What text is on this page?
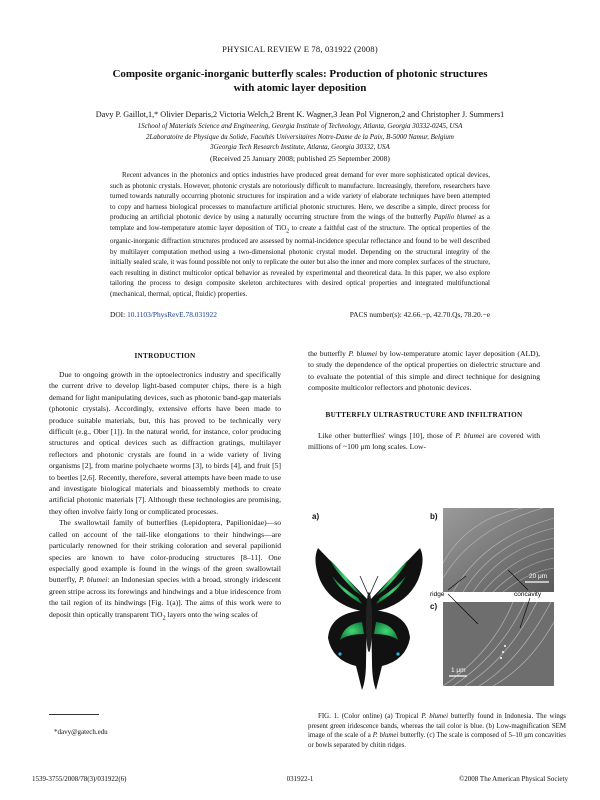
PHYSICAL REVIEW E 78, 031922 (2008)
Composite organic-inorganic butterfly scales: Production of photonic structures
with atomic layer deposition
Davy P. Gaillot,1,* Olivier Deparis,2 Victoria Welch,2 Brent K. Wagner,3 Jean Pol Vigneron,2 and Christopher J. Summers1
1School of Materials Science and Engineering, Georgia Institute of Technology, Atlanta, Georgia 30332-0245, USA
2Laboratoire de Physique du Solide, Facultés Universitaires Notre-Dame de la Paix, B-5000 Namur, Belgium
3Georgia Tech Research Institute, Atlanta, Georgia 30332, USA
(Received 25 January 2008; published 25 September 2008)
Recent advances in the photonics and optics industries have produced great demand for ever more sophisticated optical devices, such as photonic crystals. However, photonic crystals are notoriously difficult to manufacture. Increasingly, therefore, researchers have turned towards naturally occurring photonic structures for inspiration and a wide variety of elaborate techniques have been attempted to copy and harness biological processes to manufacture artificial photonic structures. Here, we describe a simple, direct process for producing an artificial photonic device by using a naturally occurring structure from the wings of the butterfly Papilio blumei as a template and low-temperature atomic layer deposition of TiO$_2$ to create a faithful cast of the structure. The optical properties of the organic-inorganic diffraction structures produced are assessed by normal-incidence specular reflectance and found to be well described by multilayer computation method using a two-dimensional photonic crystal model. Depending on the structural integrity of the initially sealed scale, it was found possible not only to replicate the outer but also the inner and more complex surfaces of the structure, each resulting in distinct multicolor optical behavior as revealed by experimental and theoretical data. In this paper, we also explore tailoring the process to design composite skeleton architectures with desired optical properties and integrated multifunctional (mechanical, thermal, optical, fluidic) properties.
DOI: 10.1103/PhysRevE.78.031922	PACS number(s): 42.66.−p, 42.70.Qs, 78.20.−e
INTRODUCTION

Due to ongoing growth in the optoelectronics industry and specifically the current drive to develop light-based computer chips, there is a high demand for light manipulating devices, such as photonic band-gap materials (photonic crystals). Accordingly, extensive efforts have been made to produce suitable materials, but, this has proved to be technically very difficult (e.g., Ober [1]). In the natural world, for instance, color producing structures and optical devices such as diffraction gratings, multilayer reflectors and photonic crystals are found in a wide variety of living organisms [2], from marine polychaete worms [3], to birds [4], and fruit [5] to beetles [2,6]. Recently, therefore, several attempts have been made to use and investigate biological materials and bioassembly methods to create artificial photonic materials [7]. Although these technologies are promising, they often involve fairly long or complicated processes.

The swallowtail family of butterflies (Lepidoptera, Papilionidae)—so called on account of the tail-like elongations to their hindwings—are particularly renowned for their striking coloration and several papilionid species are known to have color-producing structures [8–11]. One especially good example is found in the wings of the green swallowtail butterfly, P. blumei: an Indonesian species with a broad, strongly iridescent green stripe across its forewings and hindwings and a blue iridescence from the tail region of its hindwings [Fig. 1(a)]. The aims of this work were to deposit thin optically transparent TiO$_2$ layers onto the wing scales of

*davy@gatech.edu

the butterfly P. blumei by low-temperature atomic layer deposition (ALD), to study the dependence of the optical properties on dielectric structure and to evaluate the potential of this simple and direct technique for designing composite multicolor reflectors and photonic devices.

BUTTERFLY ULTRASTRUCTURE AND INFILTRATION

Like other butterflies' wings [10], those of P. blumei are covered with millions of ~100 μm long scales. Low-

a)	b)
c)
20 μm
1 μm
ridge	concavity
FIG. 1. (Color online) (a) Tropical P. blumei butterfly found in Indonesia. The wings present green iridescence bands, whereas the tail color is blue. (b) Low-magnification SEM image of the scale of a P. blumei butterfly. (c) The scale is composed of 5–10 μm concavities or bowls separated by chitin ridges.
1539-3755/2008/78(3)/031922(6)	031922-1	©2008 The American Physical Society
